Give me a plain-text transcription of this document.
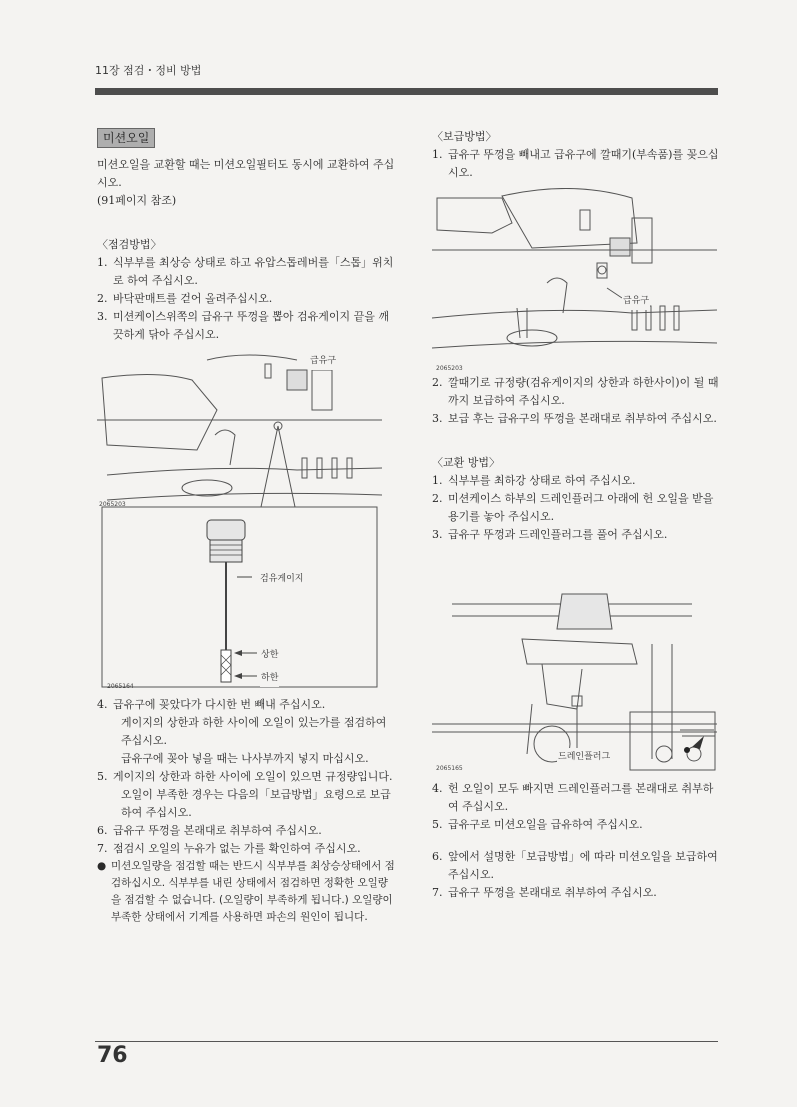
11장 점검・정비 방법
미션오일

미션오일을 교환할 때는 미션오일필터도 동시에 교환하여 주십시오.

(91페이지 참조)

〈점검방법〉

1. 식부부를 최상승 상태로 하고 유압스톱레버를「스톱」위치로 하여 주십시오.
2. 바닥판매트를 걷어 올려주십시오.
3. 미션케이스위쪽의 급유구 뚜껑을 뽑아 검유게이지 끝을 깨끗하게 닦아 주십시오.
급유구
검유게이지
상한
하한
2065203
2065164
4. 급유구에 꽂았다가 다시한 번 빼내 주십시오.

게이지의 상한과 하한 사이에 오일이 있는가를 점검하여 주십시오.

급유구에 꽂아 넣을 때는 나사부까지 넣지 마십시오.

5. 게이지의 상한과 하한 사이에 오일이 있으면 규정량입니다.

오일이 부족한 경우는 다음의「보급방법」요령으로 보급하여 주십시오.

6. 급유구 뚜껑을 본래대로 취부하여 주십시오.
7. 점검시 오일의 누유가 없는 가를 확인하여 주십시오.
● 미션오일량을 점검할 때는 반드시 식부부를 최상승상태에서 점검하십시오. 식부부를 내린 상태에서 점검하면 정확한 오일량을 점검할 수 없습니다. (오일량이 부족하게 됩니다.) 오일량이 부족한 상태에서 기계를 사용하면 파손의 원인이 됩니다.

〈보급방법〉

1. 급유구 뚜껑을 빼내고 급유구에 깔때기(부속품)를 꽂으십시오.
급유구
2065203
2. 깔때기로 규정량(검유게이지의 상한과 하한사이)이 될 때까지 보급하여 주십시오.
3. 보급 후는 급유구의 뚜껑을 본래대로 취부하여 주십시오.

〈교환 방법〉

1. 식부부를 최하강 상태로 하여 주십시오.
2. 미션케이스 하부의 드레인플러그 아래에 헌 오일을 받을 용기를 놓아 주십시오.
3. 급유구 뚜껑과 드레인플러그를 풀어 주십시오.
드레인플러그
2065165
4. 헌 오일이 모두 빠지면 드레인플러그를 본래대로 취부하여 주십시오.
5. 급유구로 미션오일을 급유하여 주십시오.
6. 앞에서 설명한「보급방법」에 따라 미션오일을 보급하여 주십시오.
7. 급유구 뚜껑을 본래대로 취부하여 주십시오.
76
